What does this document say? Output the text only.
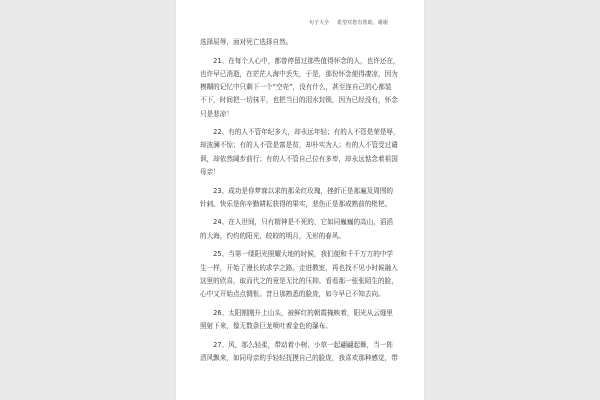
句子大全 希望对您有帮助，谢谢
选择屈辱，面对死亡选择自然。
　　21、在每个人心中，都曾停留过那些值得怀念的人，也许还在，
也许早已消逝，在茫茫人海中丢失，于是，那份怀念便得凄凉，因为
模糊的记忆中只剩下一个“空壳”，没有什么，甚至连自己的心都装
不下，时间把一切抹平，也把当日的泪水封锁，因为已经没有，怀念
只是悲凉！
　　22、有的人不管年纪多大，却永远年轻；有的人不管是荣是辱，
却波澜不惊；有的人不管是富是贫，却朴实为人；有的人不管受过谴
讽，却依然阔步前行；有的人不管自己位有多卑，却永远惦念着祖国
母亲！
　　23、成功是你梦寐以求的那朵红玫瑰，挫折正是那遍及周围的
针刺。快乐是你辛勤耕耘获得的果实，悲伤正是那成熟前的枇杷。
　　24、在人世间，只有精神是不死的，它如同巍巍的高山，滔滔
的大海，灼灼的阳光，皎皎的明月，无形的春风。
　　25、当第一缕阳光照耀大地的时候，我们便和千千万万的中学
生一样，开始了漫长的求学之路。走进教室，再也找不见小时候融入
这里的欣喜，取而代之的竟是无比的压抑。看看那一张张陌生的脸，
心中又开始点点惆怅。昔日那熟悉的脸庞，如今早已不知去向。
　　26、太阳刚刚升上山头，被鲜红的朝霞掩映着，阳光从云缝里
照射下来，像无数条巨龙喷吐着金色的瀑布。
　　27、风，那么轻柔，带动着小树、小草一起翩翩起舞，当一阵
清风飘来，如同母亲的手轻轻抚摸自己的脸庞，我喜欢那种感觉，带
